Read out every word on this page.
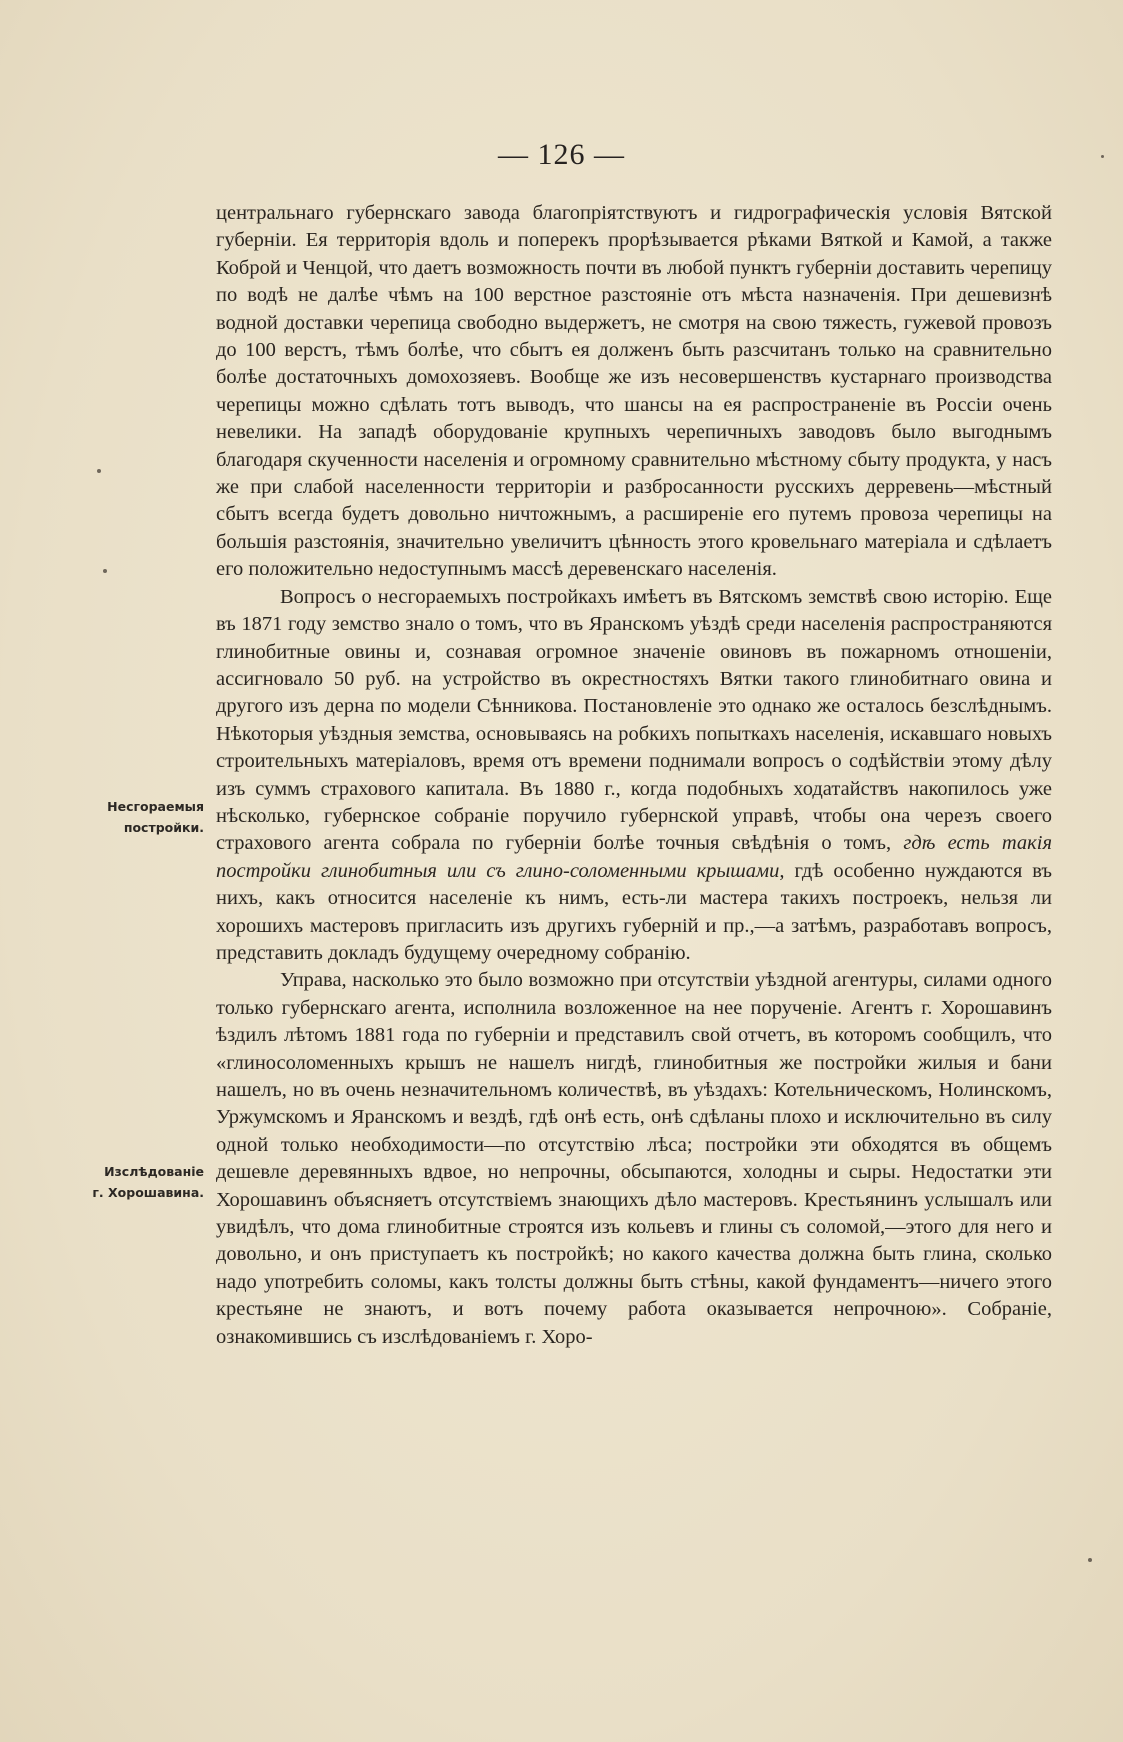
— 126 —
Несгораемыя
постройки.
Изслѣдованіе
г. Хорошавина.

центральнаго губернскаго завода благопріятствуютъ и гидрографическія условія Вятской губерніи. Ея территорія вдоль и поперекъ прорѣзывается рѣками Вяткой и Камой, а также Коброй и Ченцой, что даетъ возможность почти въ любой пунктъ губерніи доставить черепицу по водѣ не далѣе чѣмъ на 100 верстное разстояніе отъ мѣста назначенія. При дешевизнѣ водной доставки черепица свободно выдержетъ, не смотря на свою тяжесть, гужевой провозъ до 100 верстъ, тѣмъ болѣе, что сбытъ ея долженъ быть разсчитанъ только на сравнительно болѣе достаточныхъ домохозяевъ. Вообще же изъ несовершенствъ кустарнаго производства черепицы можно сдѣлать тотъ выводъ, что шансы на ея распространеніе въ Россіи очень невелики. На западѣ оборудованіе крупныхъ черепичныхъ заводовъ было выгоднымъ благодаря скученности населенія и огромному сравнительно мѣстному сбыту продукта, у насъ же при слабой населенности территоріи и разбросанности русскихъ дерревень—мѣстный сбытъ всегда будетъ довольно ничтожнымъ, а расширеніе его путемъ провоза черепицы на большія разстоянія, значительно увеличитъ цѣнность этого кровельнаго матеріала и сдѣлаетъ его положительно недоступнымъ массѣ деревенскаго населенія.

Вопросъ о несгораемыхъ постройкахъ имѣетъ въ Вятскомъ земствѣ свою исторію. Еще въ 1871 году земство знало о томъ, что въ Яранскомъ уѣздѣ среди населенія распространяются глинобитные овины и, сознавая огромное значеніе овиновъ въ пожарномъ отношеніи, ассигновало 50 руб. на устройство въ окрестностяхъ Вятки такого глинобитнаго овина и другого изъ дерна по модели Сѣнникова. Постановленіе это однако же осталось безслѣднымъ. Нѣкоторыя уѣздныя земства, основываясь на робкихъ попыткахъ населенія, искавшаго новыхъ строительныхъ матеріаловъ, время отъ времени поднимали вопросъ о содѣйствіи этому дѣлу изъ суммъ страхового капитала. Въ 1880 г., когда подобныхъ ходатайствъ накопилось уже нѣсколько, губернское собраніе поручило губернской управѣ, чтобы она черезъ своего страхового агента собрала по губерніи болѣе точныя свѣдѣнія о томъ, гдѣ есть такія постройки глинобитныя или съ глино-соломенными крышами, гдѣ особенно нуждаются въ нихъ, какъ относится населеніе къ нимъ, есть-ли мастера такихъ построекъ, нельзя ли хорошихъ мастеровъ пригласить изъ другихъ губерній и пр.,—а затѣмъ, разработавъ вопросъ, представить докладъ будущему очередному собранію.

Управа, насколько это было возможно при отсутствіи уѣздной агентуры, силами одного только губернскаго агента, исполнила возложенное на нее порученіе. Агентъ г. Хорошавинъ ѣздилъ лѣтомъ 1881 года по губерніи и представилъ свой отчетъ, въ которомъ сообщилъ, что «глиносоломенныхъ крышъ не нашелъ нигдѣ, глинобитныя же постройки жилыя и бани нашелъ, но въ очень незначительномъ количествѣ, въ уѣздахъ: Котельническомъ, Нолинскомъ, Уржумскомъ и Яранскомъ и вездѣ, гдѣ онѣ есть, онѣ сдѣланы плохо и исключительно въ силу одной только необходимости—по отсутствію лѣса; постройки эти обходятся въ общемъ дешевле деревянныхъ вдвое, но непрочны, обсыпаются, холодны и сыры. Недостатки эти Хорошавинъ объясняетъ отсутствіемъ знающихъ дѣло мастеровъ. Крестьянинъ услышалъ или увидѣлъ, что дома глинобитные строятся изъ кольевъ и глины съ соломой,—этого для него и довольно, и онъ приступаетъ къ постройкѣ; но какого качества должна быть глина, сколько надо употребить соломы, какъ толсты должны быть стѣны, какой фундаментъ—ничего этого крестьяне не знаютъ, и вотъ почему работа оказывается непрочною». Собраніе, ознакомившись съ изслѣдованіемъ г. Хоро-
